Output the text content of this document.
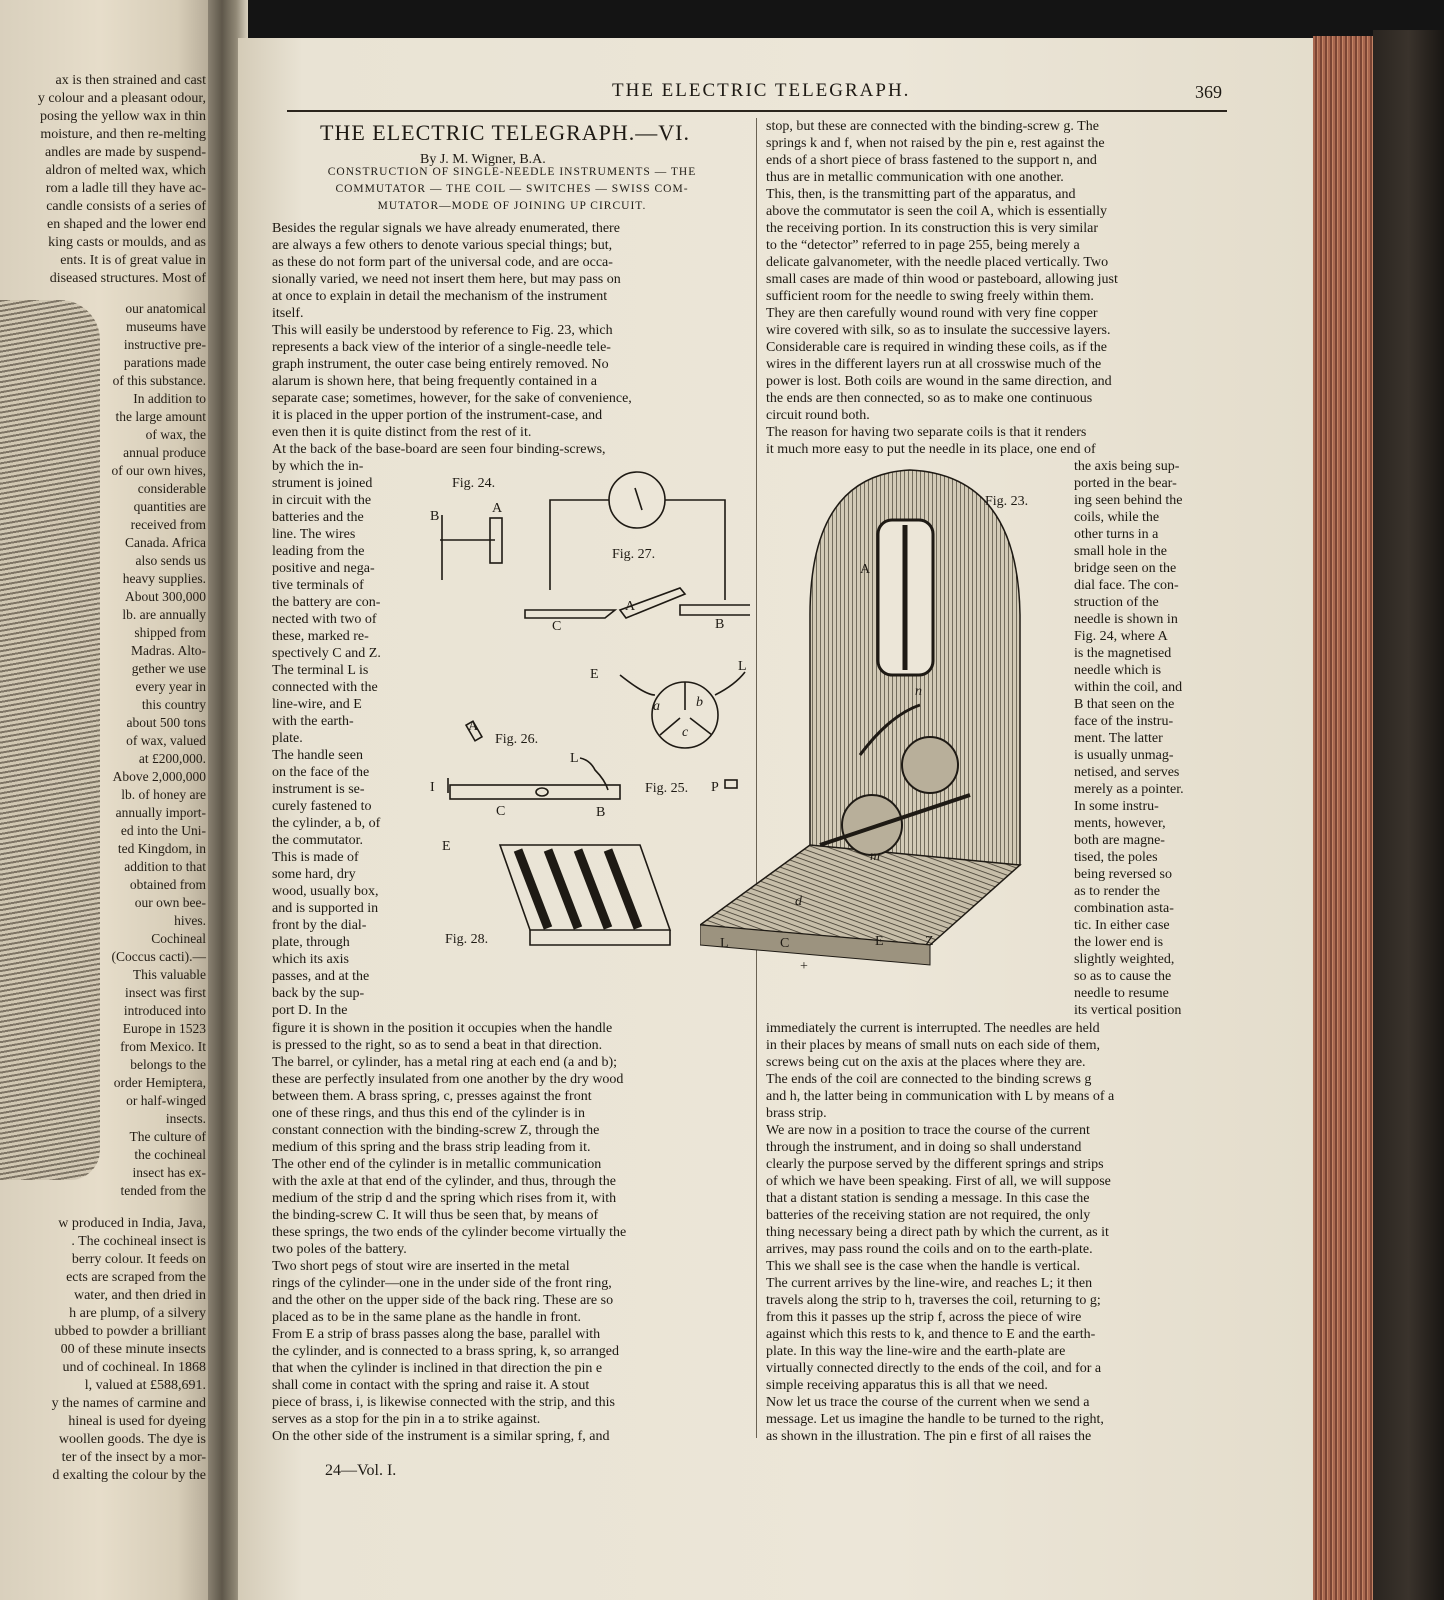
ax is then strained and cast
y colour and a pleasant odour,
posing the yellow wax in thin
moisture, and then re-melting
andles are made by suspend-
aldron of melted wax, which
rom a ladle till they have ac-
candle consists of a series of
en shaped and the lower end
king casts or moulds, and as
ents. It is of great value in
diseased structures. Most of
our anatomical
museums have
instructive pre-
parations made
of this substance.
In addition to
the large amount
of wax, the
annual produce
of our own hives,
considerable
quantities are
received from
Canada. Africa
also sends us
heavy supplies.
About 300,000
lb. are annually
shipped from
Madras. Alto-
gether we use
every year in
this country
about 500 tons
of wax, valued
at £200,000.
Above 2,000,000
lb. of honey are
annually import-
ed into the Uni-
ted Kingdom, in
addition to that
obtained from
our own bee-
hives.
Cochineal
(Coccus cacti).—
This valuable
insect was first
introduced into
Europe in 1523
from Mexico. It
belongs to the
order Hemiptera,
or half-winged
insects.
The culture of
the cochineal
insect has ex-
tended from the
w produced in India, Java,
. The cochineal insect is
berry colour. It feeds on
ects are scraped from the
water, and then dried in
h are plump, of a silvery
ubbed to powder a brilliant
00 of these minute insects
und of cochineal. In 1868
l, valued at £588,691.
y the names of carmine and
hineal is used for dyeing
woollen goods. The dye is
ter of the insect by a mor-
d exalting the colour by the
THE ELECTRIC TELEGRAPH.	369
THE ELECTRIC TELEGRAPH.—VI.
By J. M. Wigner, B.A.
CONSTRUCTION OF SINGLE-NEEDLE INSTRUMENTS — THE
COMMUTATOR — THE COIL — SWITCHES — SWISS COM-
MUTATOR—MODE OF JOINING UP CIRCUIT.
Besides the regular signals we have already enumerated, there
are always a few others to denote various special things; but,
as these do not form part of the universal code, and are occa-
sionally varied, we need not insert them here, but may pass on
at once to explain in detail the mechanism of the instrument
itself.
This will easily be understood by reference to Fig. 23, which
represents a back view of the interior of a single-needle tele-
graph instrument, the outer case being entirely removed. No
alarum is shown here, that being frequently contained in a
separate case; sometimes, however, for the sake of convenience,
it is placed in the upper portion of the instrument-case, and
even then it is quite distinct from the rest of it.
At the back of the base-board are seen four binding-screws,
by which the in-
strument is joined
in circuit with the
batteries and the
line. The wires
leading from the
positive and nega-
tive terminals of
the battery are con-
nected with two of
these, marked re-
spectively C and Z.
The terminal L is
connected with the
line-wire, and E
with the earth-
plate.
The handle seen
on the face of the
instrument is se-
curely fastened to
the cylinder, a b, of
the commutator.
This is made of
some hard, dry
wood, usually box,
and is supported in
front by the dial-
plate, through
which its axis
passes, and at the
back by the sup-
port D. In the
figure it is shown in the position it occupies when the handle
is pressed to the right, so as to send a beat in that direction.
The barrel, or cylinder, has a metal ring at each end (a and b);
these are perfectly insulated from one another by the dry wood
between them. A brass spring, c, presses against the front
one of these rings, and thus this end of the cylinder is in
constant connection with the binding-screw Z, through the
medium of this spring and the brass strip leading from it.
The other end of the cylinder is in metallic communication
with the axle at that end of the cylinder, and thus, through the
medium of the strip d and the spring which rises from it, with
the binding-screw C. It will thus be seen that, by means of
these springs, the two ends of the cylinder become virtually the
two poles of the battery.
Two short pegs of stout wire are inserted in the metal
rings of the cylinder—one in the under side of the front ring,
and the other on the upper side of the back ring. These are so
placed as to be in the same plane as the handle in front.
From E a strip of brass passes along the base, parallel with
the cylinder, and is connected to a brass spring, k, so arranged
that when the cylinder is inclined in that direction the pin e
shall come in contact with the spring and raise it. A stout
piece of brass, i, is likewise connected with the strip, and this
serves as a stop for the pin in a to strike against.
On the other side of the instrument is a similar spring, f, and
stop, but these are connected with the binding-screw g. The
springs k and f, when not raised by the pin e, rest against the
ends of a short piece of brass fastened to the support n, and
thus are in metallic communication with one another.
This, then, is the transmitting part of the apparatus, and
above the commutator is seen the coil A, which is essentially
the receiving portion. In its construction this is very similar
to the “detector” referred to in page 255, being merely a
delicate galvanometer, with the needle placed vertically. Two
small cases are made of thin wood or pasteboard, allowing just
sufficient room for the needle to swing freely within them.
They are then carefully wound round with very fine copper
wire covered with silk, so as to insulate the successive layers.
Considerable care is required in winding these coils, as if the
wires in the different layers run at all crosswise much of the
power is lost. Both coils are wound in the same direction, and
the ends are then connected, so as to make one continuous
circuit round both.
The reason for having two separate coils is that it renders
it much more easy to put the needle in its place, one end of
the axis being sup-
ported in the bear-
ing seen behind the
coils, while the
other turns in a
small hole in the
bridge seen on the
dial face. The con-
struction of the
needle is shown in
Fig. 24, where A
is the magnetised
needle which is
within the coil, and
B that seen on the
face of the instru-
ment. The latter
is usually unmag-
netised, and serves
merely as a pointer.
In some instru-
ments, however,
both are magne-
tised, the poles
being reversed so
as to render the
combination asta-
tic. In either case
the lower end is
slightly weighted,
so as to cause the
needle to resume
its vertical position
immediately the current is interrupted. The needles are held
in their places by means of small nuts on each side of them,
screws being cut on the axis at the places where they are.
The ends of the coil are connected to the binding screws g
and h, the latter being in communication with L by means of a
brass strip.
We are now in a position to trace the course of the current
through the instrument, and in doing so shall understand
clearly the purpose served by the different springs and strips
of which we have been speaking. First of all, we will suppose
that a distant station is sending a message. In this case the
batteries of the receiving station are not required, the only
thing necessary being a direct path by which the current, as it
arrives, may pass round the coils and on to the earth-plate.
This we shall see is the case when the handle is vertical.
The current arrives by the line-wire, and reaches L; it then
travels along the strip to h, traverses the coil, returning to g;
from this it passes up the strip f, across the piece of wire
against which this rests to k, and thence to E and the earth-
plate. In this way the line-wire and the earth-plate are
virtually connected directly to the ends of the coil, and for a
simple receiving apparatus this is all that we need.
Now let us trace the course of the current when we send a
message. Let us imagine the handle to be turned to the right,
as shown in the illustration. The pin e first of all raises the
Fig. 24.
Fig. 27.
Fig. 25.
Fig. 26.
Fig. 28.
B
A
C
A
B
E
L
a	b
c
P
A
L
I
C	B
E
Fig. 23.
A
d
m
n
L	C	E	Z
+
24—Vol. I.
